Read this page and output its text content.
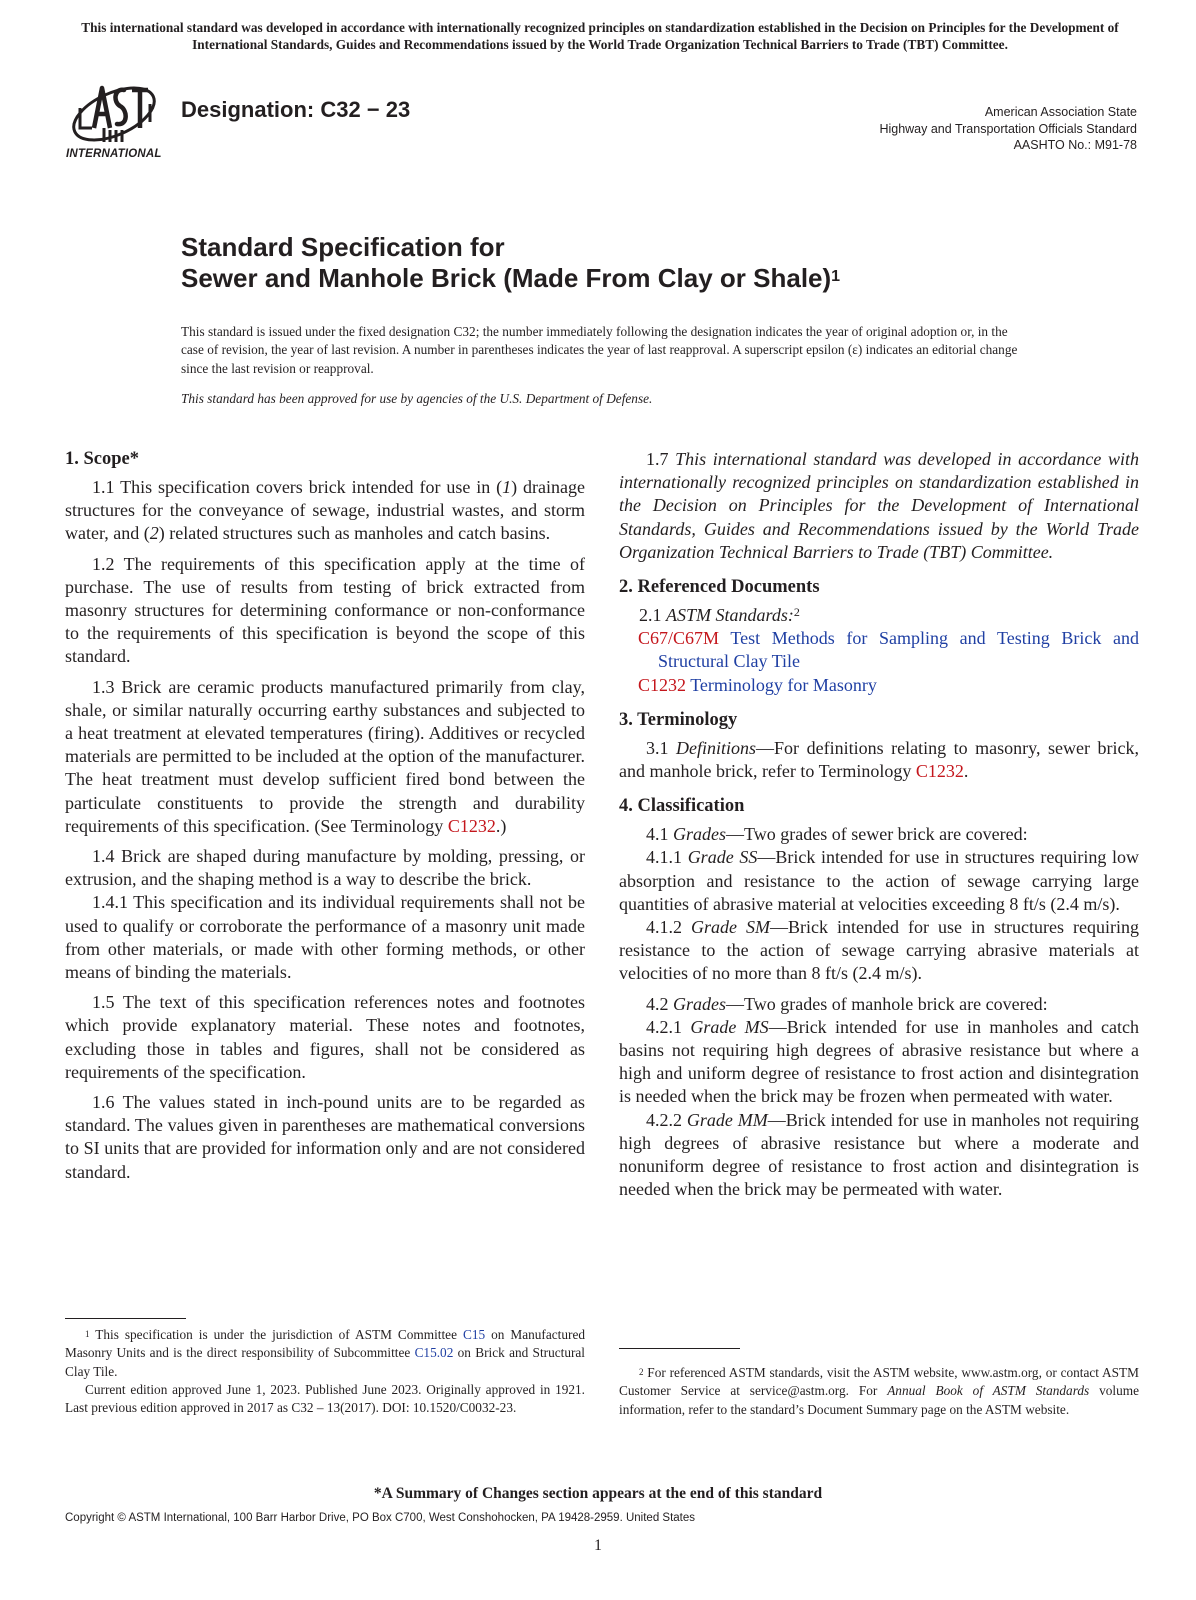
This international standard was developed in accordance with internationally recognized principles on standardization established in the Decision on Principles for the Development of International Standards, Guides and Recommendations issued by the World Trade Organization Technical Barriers to Trade (TBT) Committee.
INTERNATIONAL
Designation: C32 − 23	American Association State
Highway and Transportation Officials Standard
AASHTO No.: M91-78
Standard Specification for
Sewer and Manhole Brick (Made From Clay or Shale)$^1$
This standard is issued under the fixed designation C32; the number immediately following the designation indicates the year of original adoption or, in the case of revision, the year of last revision. A number in parentheses indicates the year of last reapproval. A superscript epsilon (ε) indicates an editorial change since the last revision or reapproval.
This standard has been approved for use by agencies of the U.S. Department of Defense.
1. Scope*

1.1 This specification covers brick intended for use in (1) drainage structures for the conveyance of sewage, industrial wastes, and storm water, and (2) related structures such as manholes and catch basins.

1.2 The requirements of this specification apply at the time of purchase. The use of results from testing of brick extracted from masonry structures for determining conformance or non-conformance to the requirements of this specification is beyond the scope of this standard.

1.3 Brick are ceramic products manufactured primarily from clay, shale, or similar naturally occurring earthy substances and subjected to a heat treatment at elevated temperatures (firing). Additives or recycled materials are permitted to be included at the option of the manufacturer. The heat treatment must develop sufficient fired bond between the particulate constituents to provide the strength and durability requirements of this specification. (See Terminology C1232.)

1.4 Brick are shaped during manufacture by molding, pressing, or extrusion, and the shaping method is a way to describe the brick.

1.4.1 This specification and its individual requirements shall not be used to qualify or corroborate the performance of a masonry unit made from other materials, or made with other forming methods, or other means of binding the materials.

1.5 The text of this specification references notes and footnotes which provide explanatory material. These notes and footnotes, excluding those in tables and figures, shall not be considered as requirements of the specification.

1.6 The values stated in inch-pound units are to be regarded as standard. The values given in parentheses are mathematical conversions to SI units that are provided for information only and are not considered standard.

1.7 This international standard was developed in accordance with internationally recognized principles on standardization established in the Decision on Principles for the Development of International Standards, Guides and Recommendations issued by the World Trade Organization Technical Barriers to Trade (TBT) Committee.

2. Referenced Documents

2.1 ASTM Standards:$^2$

C67/C67M Test Methods for Sampling and Testing Brick and Structural Clay Tile
C1232 Terminology for Masonry
3. Terminology

3.1 Definitions—For definitions relating to masonry, sewer brick, and manhole brick, refer to Terminology C1232.

4. Classification

4.1 Grades—Two grades of sewer brick are covered:

4.1.1 Grade SS—Brick intended for use in structures requiring low absorption and resistance to the action of sewage carrying large quantities of abrasive material at velocities exceeding 8 ft/s (2.4 m/s).

4.1.2 Grade SM—Brick intended for use in structures requiring resistance to the action of sewage carrying abrasive materials at velocities of no more than 8 ft/s (2.4 m/s).

4.2 Grades—Two grades of manhole brick are covered:

4.2.1 Grade MS—Brick intended for use in manholes and catch basins not requiring high degrees of abrasive resistance but where a high and uniform degree of resistance to frost action and disintegration is needed when the brick may be frozen when permeated with water.

4.2.2 Grade MM—Brick intended for use in manholes not requiring high degrees of abrasive resistance but where a moderate and nonuniform degree of resistance to frost action and disintegration is needed when the brick may be permeated with water.

$^1$ This specification is under the jurisdiction of ASTM Committee C15 on Manufactured Masonry Units and is the direct responsibility of Subcommittee C15.02 on Brick and Structural Clay Tile.

Current edition approved June 1, 2023. Published June 2023. Originally approved in 1921. Last previous edition approved in 2017 as C32 – 13(2017). DOI: 10.1520/C0032-23.

$^2$ For referenced ASTM standards, visit the ASTM website, www.astm.org, or contact ASTM Customer Service at service@astm.org. For Annual Book of ASTM Standards volume information, refer to the standard’s Document Summary page on the ASTM website.

*A Summary of Changes section appears at the end of this standard
Copyright © ASTM International, 100 Barr Harbor Drive, PO Box C700, West Conshohocken, PA 19428-2959. United States
1
